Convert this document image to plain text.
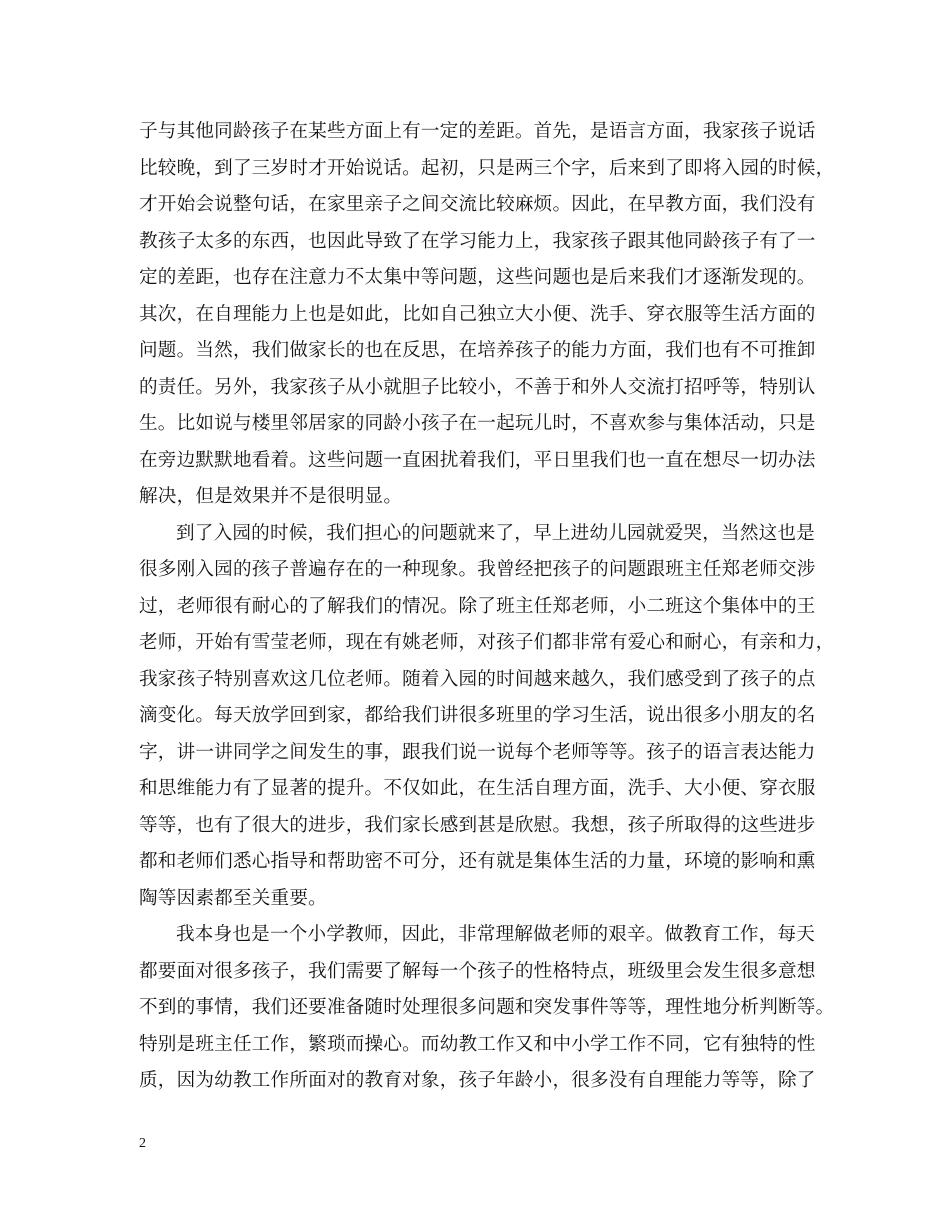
子与其他同龄孩子在某些方面上有一定的差距。首先，是语言方面，我家孩子说话
比较晚，到了三岁时才开始说话。起初，只是两三个字，后来到了即将入园的时候，
才开始会说整句话，在家里亲子之间交流比较麻烦。因此，在早教方面，我们没有
教孩子太多的东西，也因此导致了在学习能力上，我家孩子跟其他同龄孩子有了一
定的差距，也存在注意力不太集中等问题，这些问题也是后来我们才逐渐发现的。
其次，在自理能力上也是如此，比如自己独立大小便、洗手、穿衣服等生活方面的
问题。当然，我们做家长的也在反思，在培养孩子的能力方面，我们也有不可推卸
的责任。另外，我家孩子从小就胆子比较小，不善于和外人交流打招呼等，特别认
生。比如说与楼里邻居家的同龄小孩子在一起玩儿时，不喜欢参与集体活动，只是
在旁边默默地看着。这些问题一直困扰着我们，平日里我们也一直在想尽一切办法
解决，但是效果并不是很明显。
到了入园的时候，我们担心的问题就来了，早上进幼儿园就爱哭，当然这也是
很多刚入园的孩子普遍存在的一种现象。我曾经把孩子的问题跟班主任郑老师交涉
过，老师很有耐心的了解我们的情况。除了班主任郑老师，小二班这个集体中的王
老师，开始有雪莹老师，现在有姚老师，对孩子们都非常有爱心和耐心，有亲和力，
我家孩子特别喜欢这几位老师。随着入园的时间越来越久，我们感受到了孩子的点
滴变化。每天放学回到家，都给我们讲很多班里的学习生活，说出很多小朋友的名
字，讲一讲同学之间发生的事，跟我们说一说每个老师等等。孩子的语言表达能力
和思维能力有了显著的提升。不仅如此，在生活自理方面，洗手、大小便、穿衣服
等等，也有了很大的进步，我们家长感到甚是欣慰。我想，孩子所取得的这些进步
都和老师们悉心指导和帮助密不可分，还有就是集体生活的力量，环境的影响和熏
陶等因素都至关重要。
我本身也是一个小学教师，因此，非常理解做老师的艰辛。做教育工作，每天
都要面对很多孩子，我们需要了解每一个孩子的性格特点，班级里会发生很多意想
不到的事情，我们还要准备随时处理很多问题和突发事件等等，理性地分析判断等。
特别是班主任工作，繁琐而操心。而幼教工作又和中小学工作不同，它有独特的性
质，因为幼教工作所面对的教育对象，孩子年龄小，很多没有自理能力等等，除了
2
